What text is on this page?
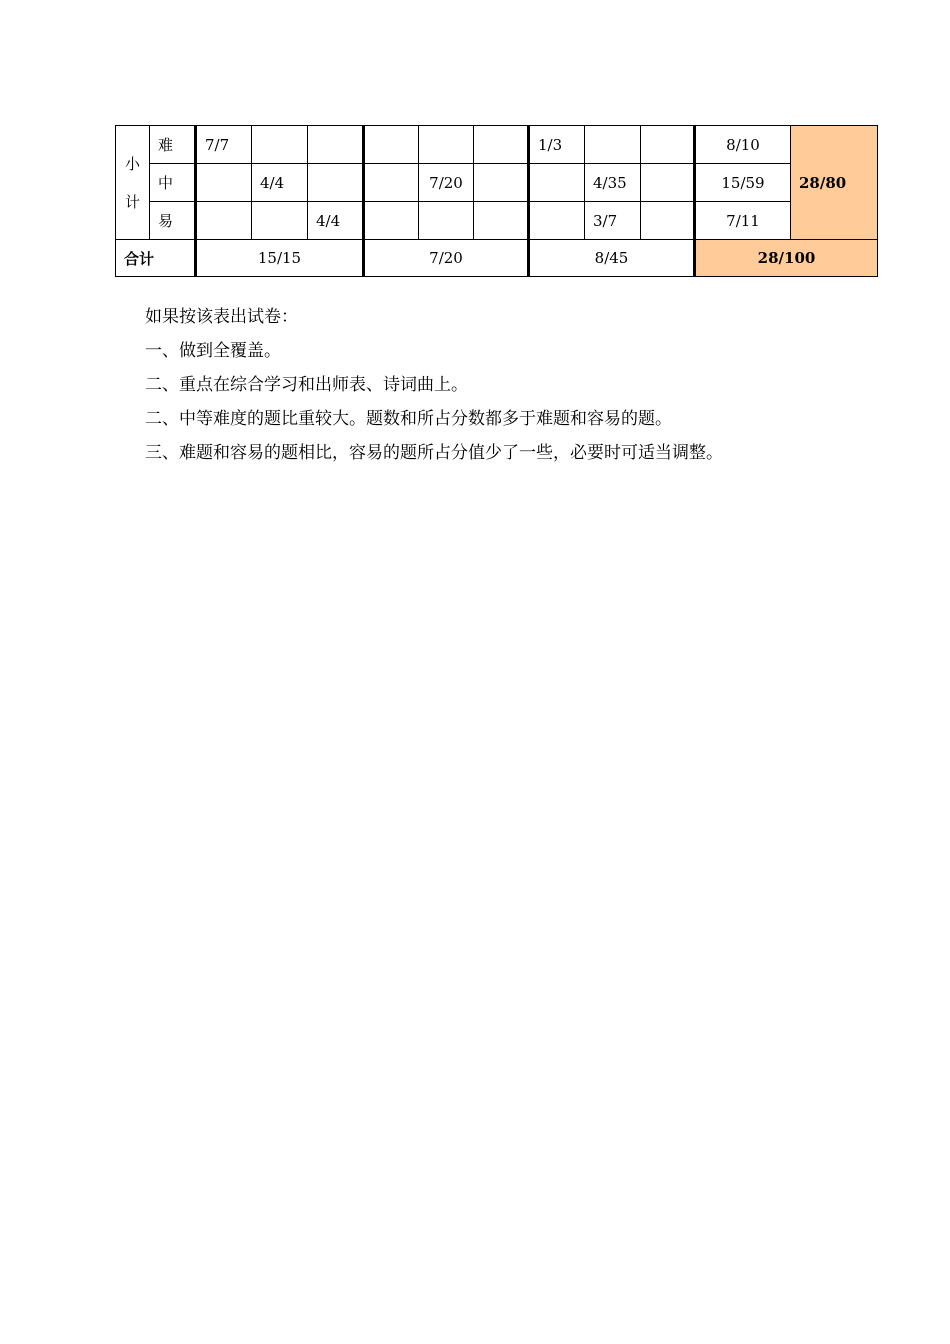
小
计	难	7/7						1/3			8/10	28/80
	中		4/4			7/20			4/35		15/59	
	易			4/4					3/7		7/11	
合计		15/15			7/20			8/45			28/100	

如果按该表出试卷：

一、做到全覆盖。

二、重点在综合学习和出师表、诗词曲上。

二、中等难度的题比重较大。题数和所占分数都多于难题和容易的题。

三、难题和容易的题相比，容易的题所占分值少了一些，必要时可适当调整。
